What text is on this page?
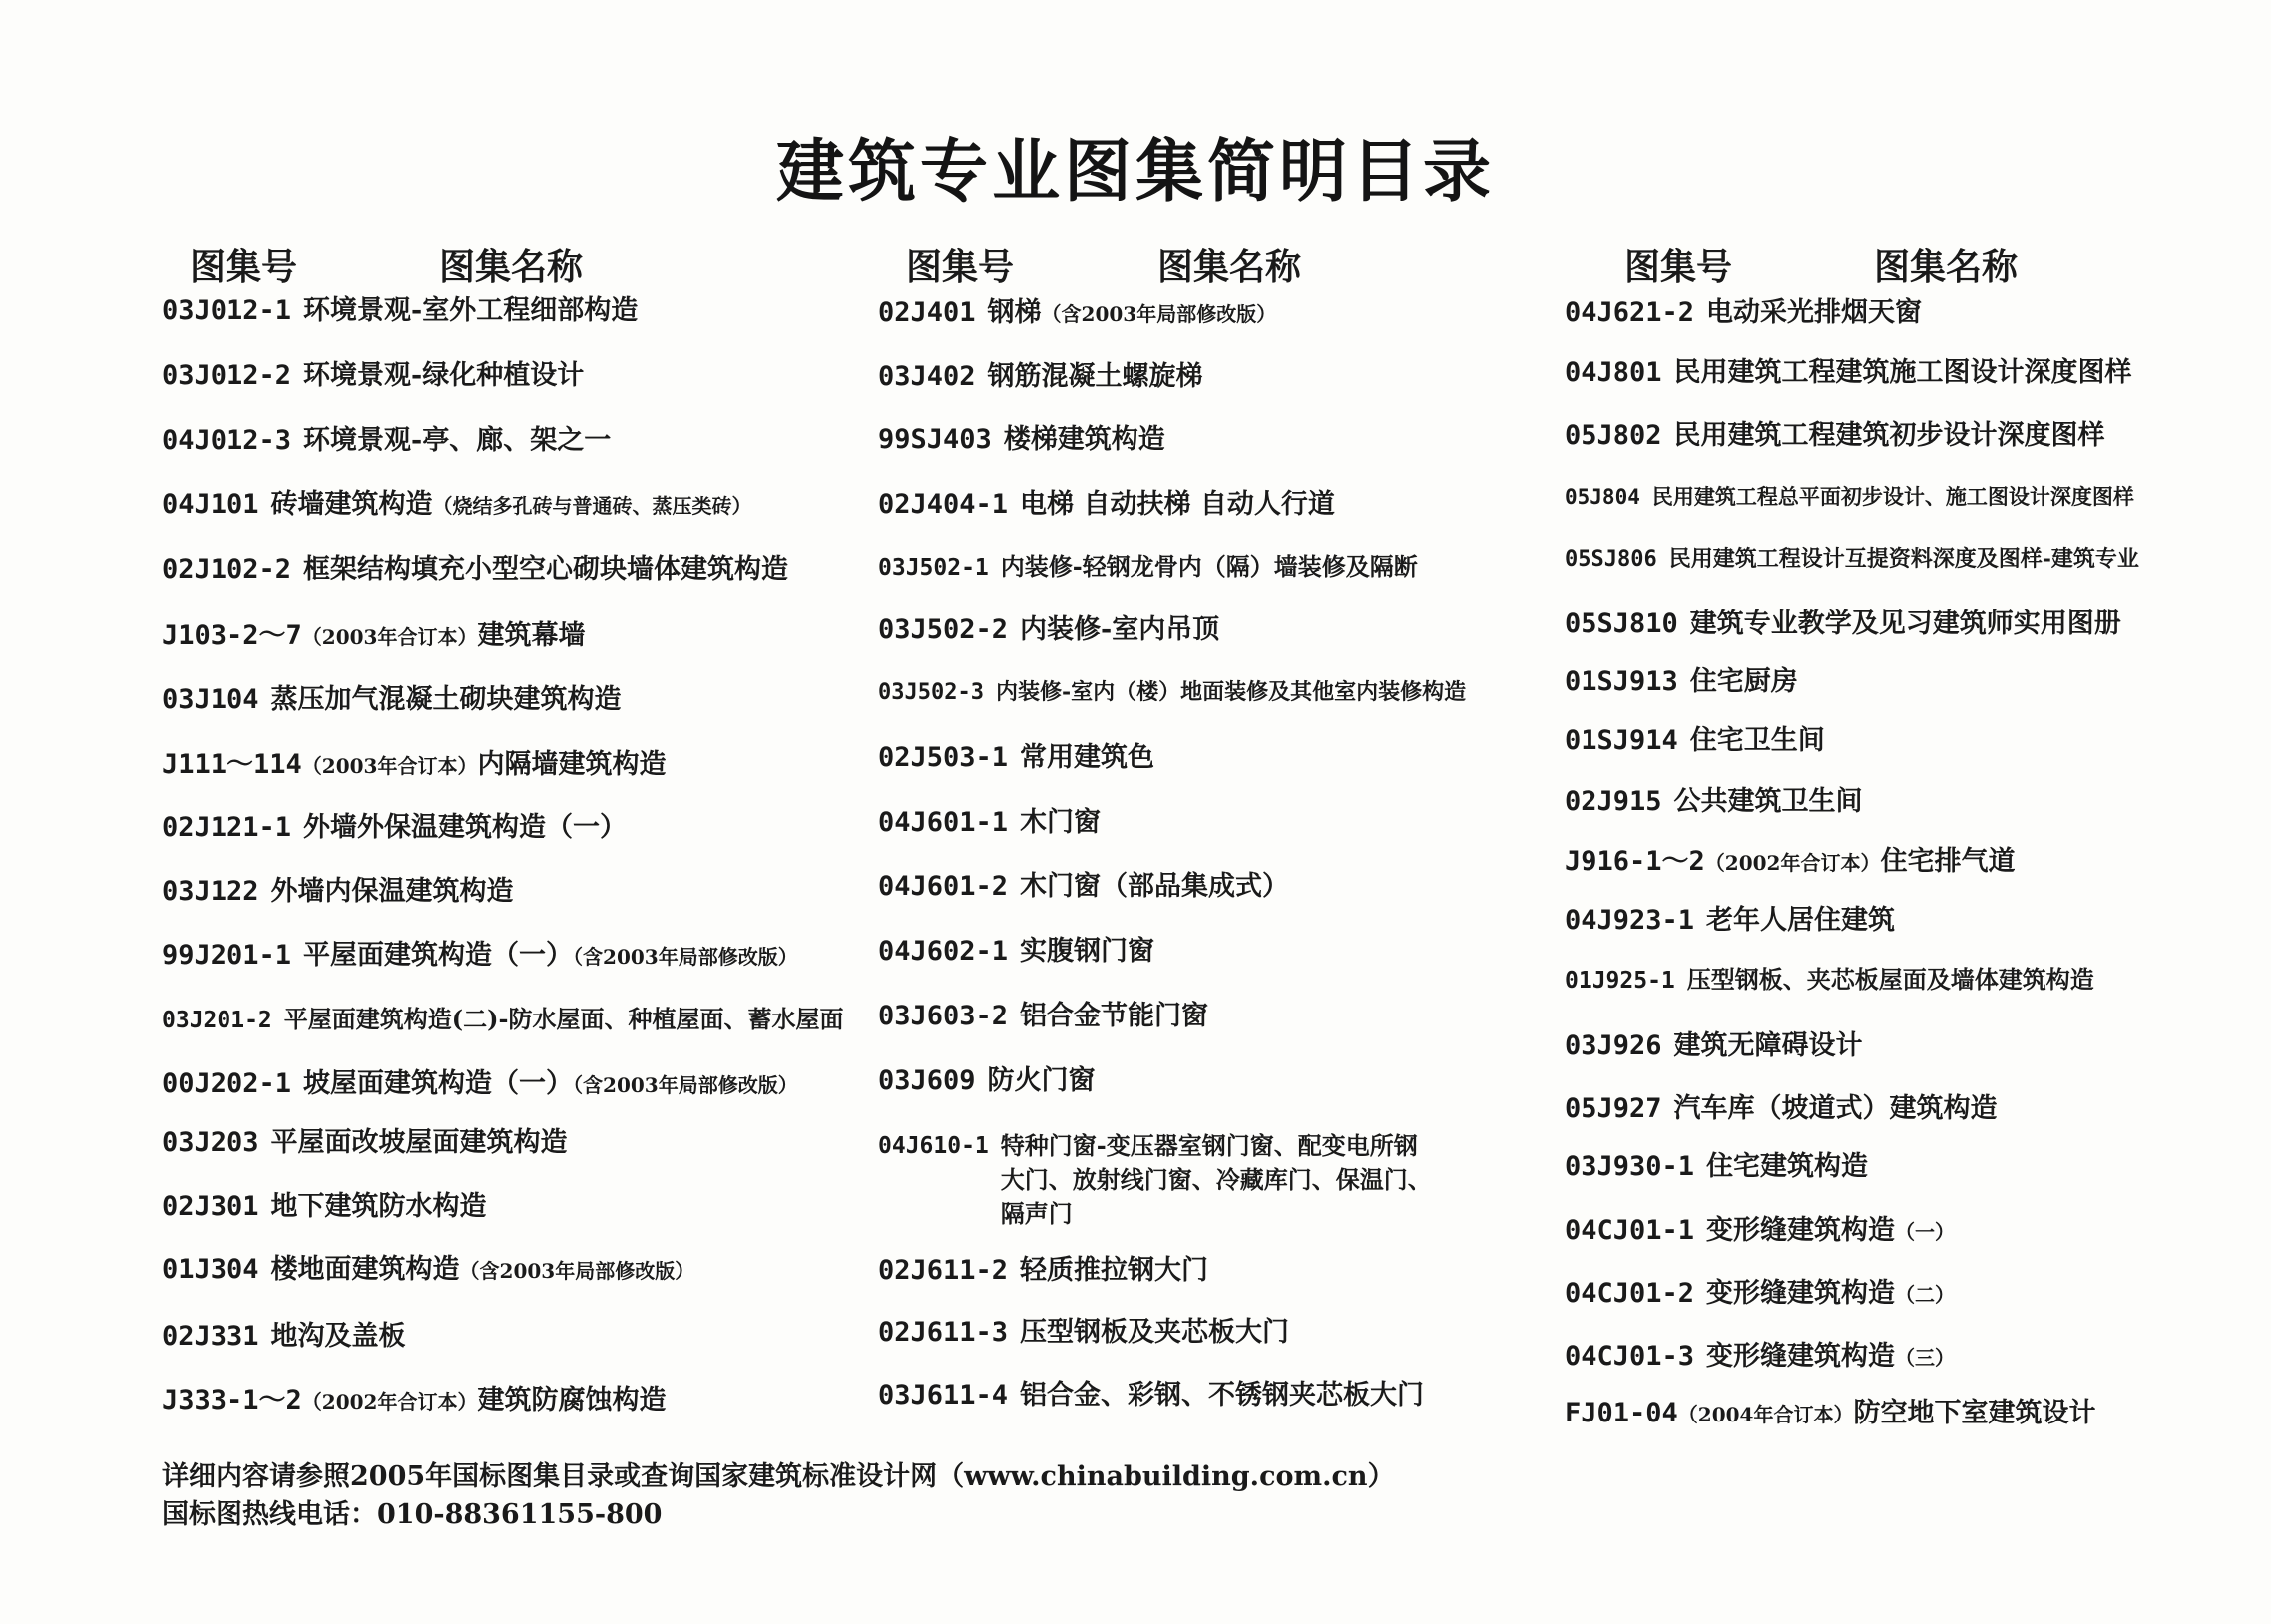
建筑专业图集简明目录
图集号	图集名称
03J012-1 环境景观-室外工程细部构造
03J012-2 环境景观-绿化种植设计
04J012-3 环境景观-亭、廊、架之一
04J101 砖墙建筑构造（烧结多孔砖与普通砖、蒸压类砖）
02J102-2 框架结构填充小型空心砌块墙体建筑构造
J103-2～7（2003年合订本）建筑幕墙
03J104 蒸压加气混凝土砌块建筑构造
J111～114（2003年合订本）内隔墙建筑构造
02J121-1 外墙外保温建筑构造（一）
03J122 外墙内保温建筑构造
99J201-1 平屋面建筑构造（一）（含2003年局部修改版）
03J201-2 平屋面建筑构造(二)-防水屋面、种植屋面、蓄水屋面
00J202-1 坡屋面建筑构造（一）（含2003年局部修改版）
03J203 平屋面改坡屋面建筑构造
02J301 地下建筑防水构造
01J304 楼地面建筑构造（含2003年局部修改版）
02J331 地沟及盖板
J333-1～2（2002年合订本）建筑防腐蚀构造
图集号	图集名称
02J401 钢梯（含2003年局部修改版）
03J402 钢筋混凝土螺旋梯
99SJ403 楼梯建筑构造
02J404-1 电梯 自动扶梯 自动人行道
03J502-1 内装修-轻钢龙骨内（隔）墙装修及隔断
03J502-2 内装修-室内吊顶
03J502-3 内装修-室内（楼）地面装修及其他室内装修构造
02J503-1 常用建筑色
04J601-1 木门窗
04J601-2 木门窗（部品集成式）
04J602-1 实腹钢门窗
03J603-2 铝合金节能门窗
03J609 防火门窗
04J610-1 特种门窗-变压器室钢门窗、配变电所钢
大门、放射线门窗、冷藏库门、保温门、
隔声门
02J611-2 轻质推拉钢大门
02J611-3 压型钢板及夹芯板大门
03J611-4 铝合金、彩钢、不锈钢夹芯板大门
图集号	图集名称
04J621-2 电动采光排烟天窗
04J801 民用建筑工程建筑施工图设计深度图样
05J802 民用建筑工程建筑初步设计深度图样
05J804 民用建筑工程总平面初步设计、施工图设计深度图样
05SJ806 民用建筑工程设计互提资料深度及图样-建筑专业
05SJ810 建筑专业教学及见习建筑师实用图册
01SJ913 住宅厨房
01SJ914 住宅卫生间
02J915 公共建筑卫生间
J916-1～2（2002年合订本）住宅排气道
04J923-1 老年人居住建筑
01J925-1 压型钢板、夹芯板屋面及墙体建筑构造
03J926 建筑无障碍设计
05J927 汽车库（坡道式）建筑构造
03J930-1 住宅建筑构造
04CJ01-1 变形缝建筑构造（一）
04CJ01-2 变形缝建筑构造（二）
04CJ01-3 变形缝建筑构造（三）
FJ01-04（2004年合订本）防空地下室建筑设计
详细内容请参照2005年国标图集目录或查询国家建筑标准设计网（www.chinabuilding.com.cn）
国标图热线电话：010-88361155-800
